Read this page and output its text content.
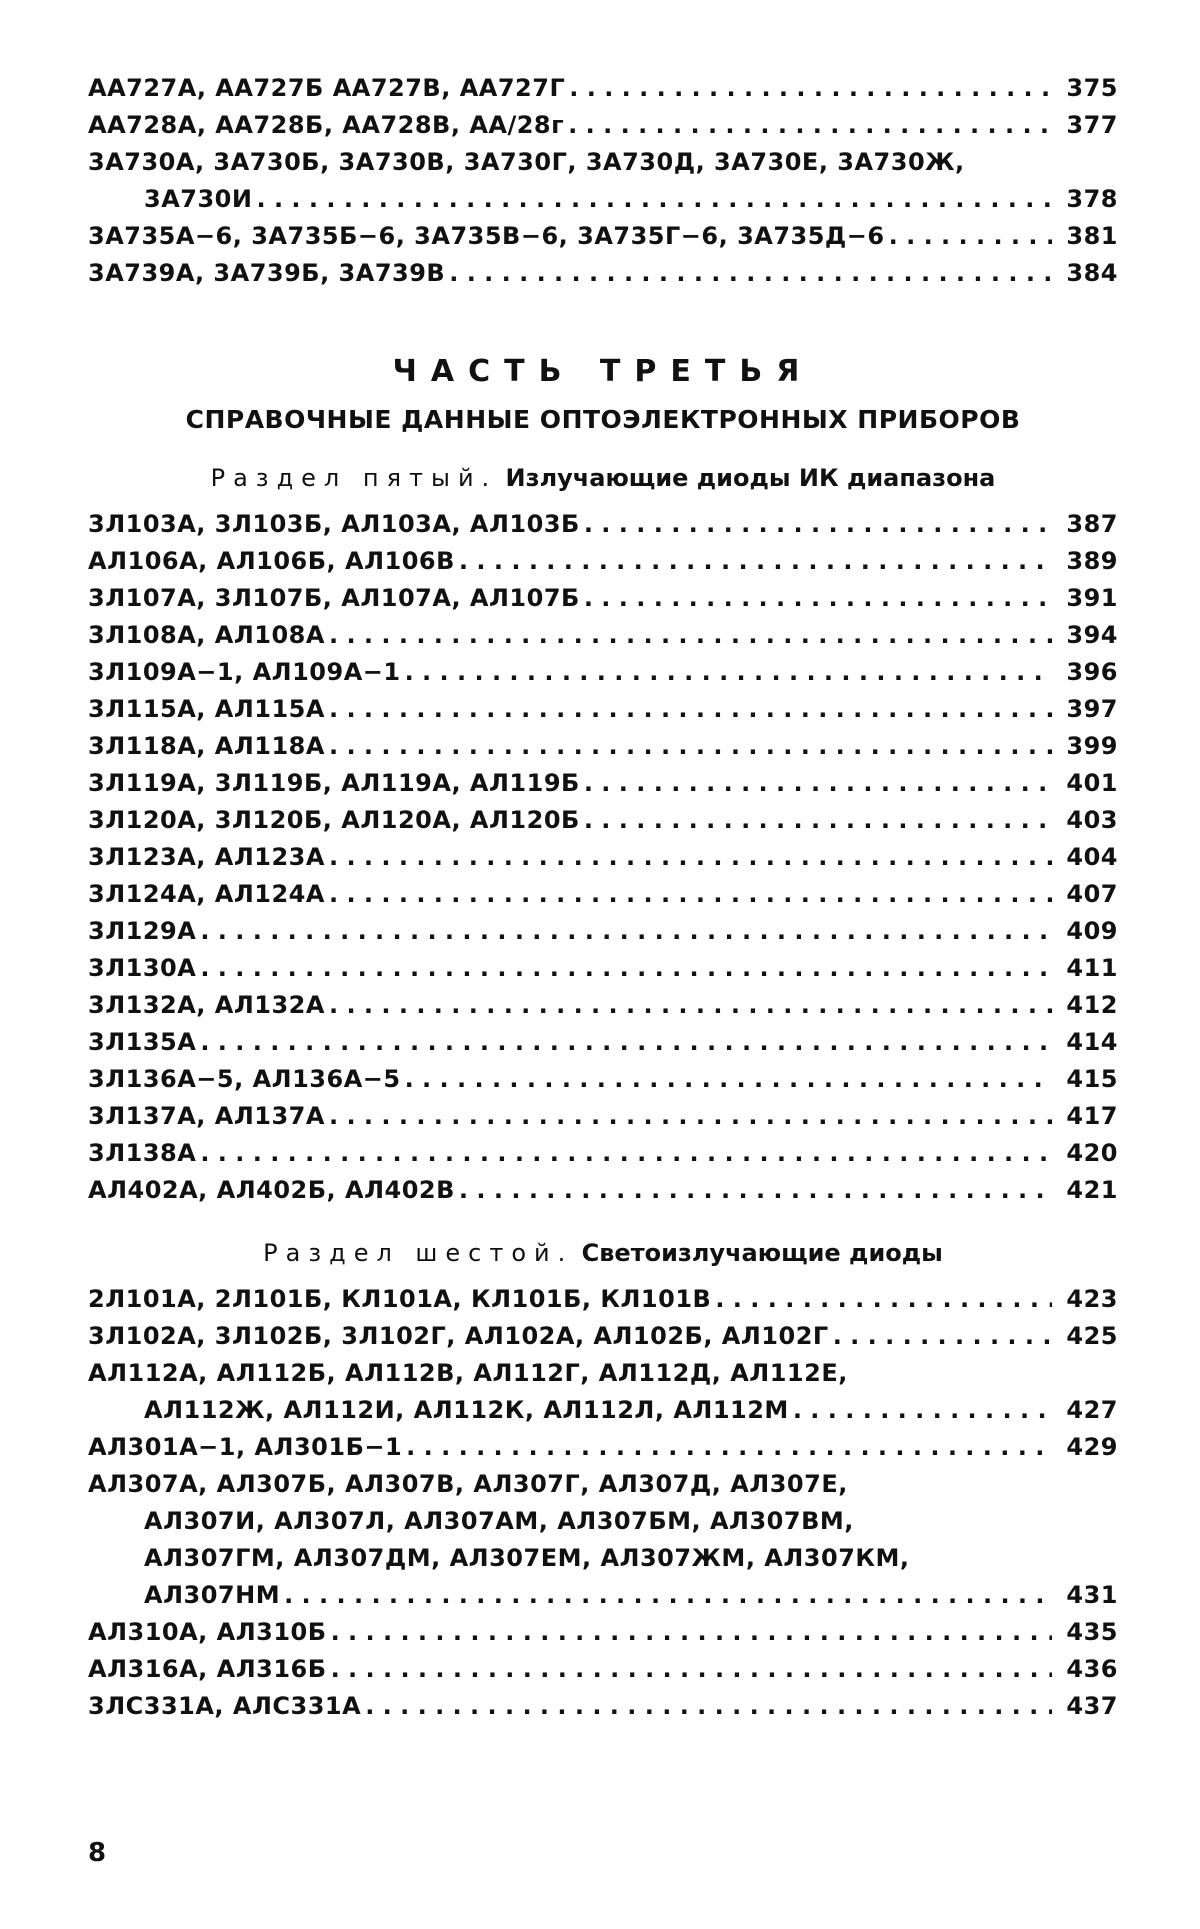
АА727А, АА727Б АА727В, АА727Г . . .	375
АА728А, АА728Б, АА728В, АА/28г . . .	377
3А730А, 3А730Б, 3А730В, 3А730Г, 3А730Д, 3А730Е, 3А730Ж,
3А730И . . .	378
3А735А−6, 3А735Б−6, 3А735В−6, 3А735Г−6, 3А735Д−6 . . .	381
3А739А, 3А739Б, 3А739В . . .	384
ЧАСТЬ ТРЕТЬЯ
СПРАВОЧНЫЕ ДАННЫЕ ОПТОЭЛЕКТРОННЫХ ПРИБОРОВ
Раздел пятый. Излучающие диоды ИК диапазона
3Л103А, 3Л103Б, АЛ103А, АЛ103Б . . .	387
АЛ106А, АЛ106Б, АЛ106В . . .	389
3Л107А, 3Л107Б, АЛ107А, АЛ107Б . . .	391
3Л108А, АЛ108А . . .	394
3Л109А−1, АЛ109А−1 . . .	396
3Л115А, АЛ115А . . .	397
3Л118А, АЛ118А . . .	399
3Л119А, 3Л119Б, АЛ119А, АЛ119Б . . .	401
3Л120А, 3Л120Б, АЛ120А, АЛ120Б . . .	403
3Л123А, АЛ123А . . .	404
3Л124А, АЛ124А . . .	407
3Л129А . . .	409
3Л130А . . .	411
3Л132А, АЛ132А . . .	412
3Л135А . . .	414
3Л136А−5, АЛ136А−5 . . .	415
3Л137А, АЛ137А . . .	417
3Л138А . . .	420
АЛ402А, АЛ402Б, АЛ402В . . .	421
Раздел шестой. Светоизлучающие диоды
2Л101А, 2Л101Б, КЛ101А, КЛ101Б, КЛ101В . . .	423
3Л102А, 3Л102Б, 3Л102Г, АЛ102А, АЛ102Б, АЛ102Г . . .	425
АЛ112А, АЛ112Б, АЛ112В, АЛ112Г, АЛ112Д, АЛ112Е,
АЛ112Ж, АЛ112И, АЛ112К, АЛ112Л, АЛ112М . . .	427
АЛ301А−1, АЛ301Б−1 . . .	429
АЛ307А, АЛ307Б, АЛ307В, АЛ307Г, АЛ307Д, АЛ307Е,
АЛ307И, АЛ307Л, АЛ307АМ, АЛ307БМ, АЛ307ВМ,
АЛ307ГМ, АЛ307ДМ, АЛ307ЕМ, АЛ307ЖМ, АЛ307КМ,
АЛ307НМ . . .	431
АЛ310А, АЛ310Б . . .	435
АЛ316А, АЛ316Б . . .	436
3ЛС331А, АЛС331А . . .	437
8
